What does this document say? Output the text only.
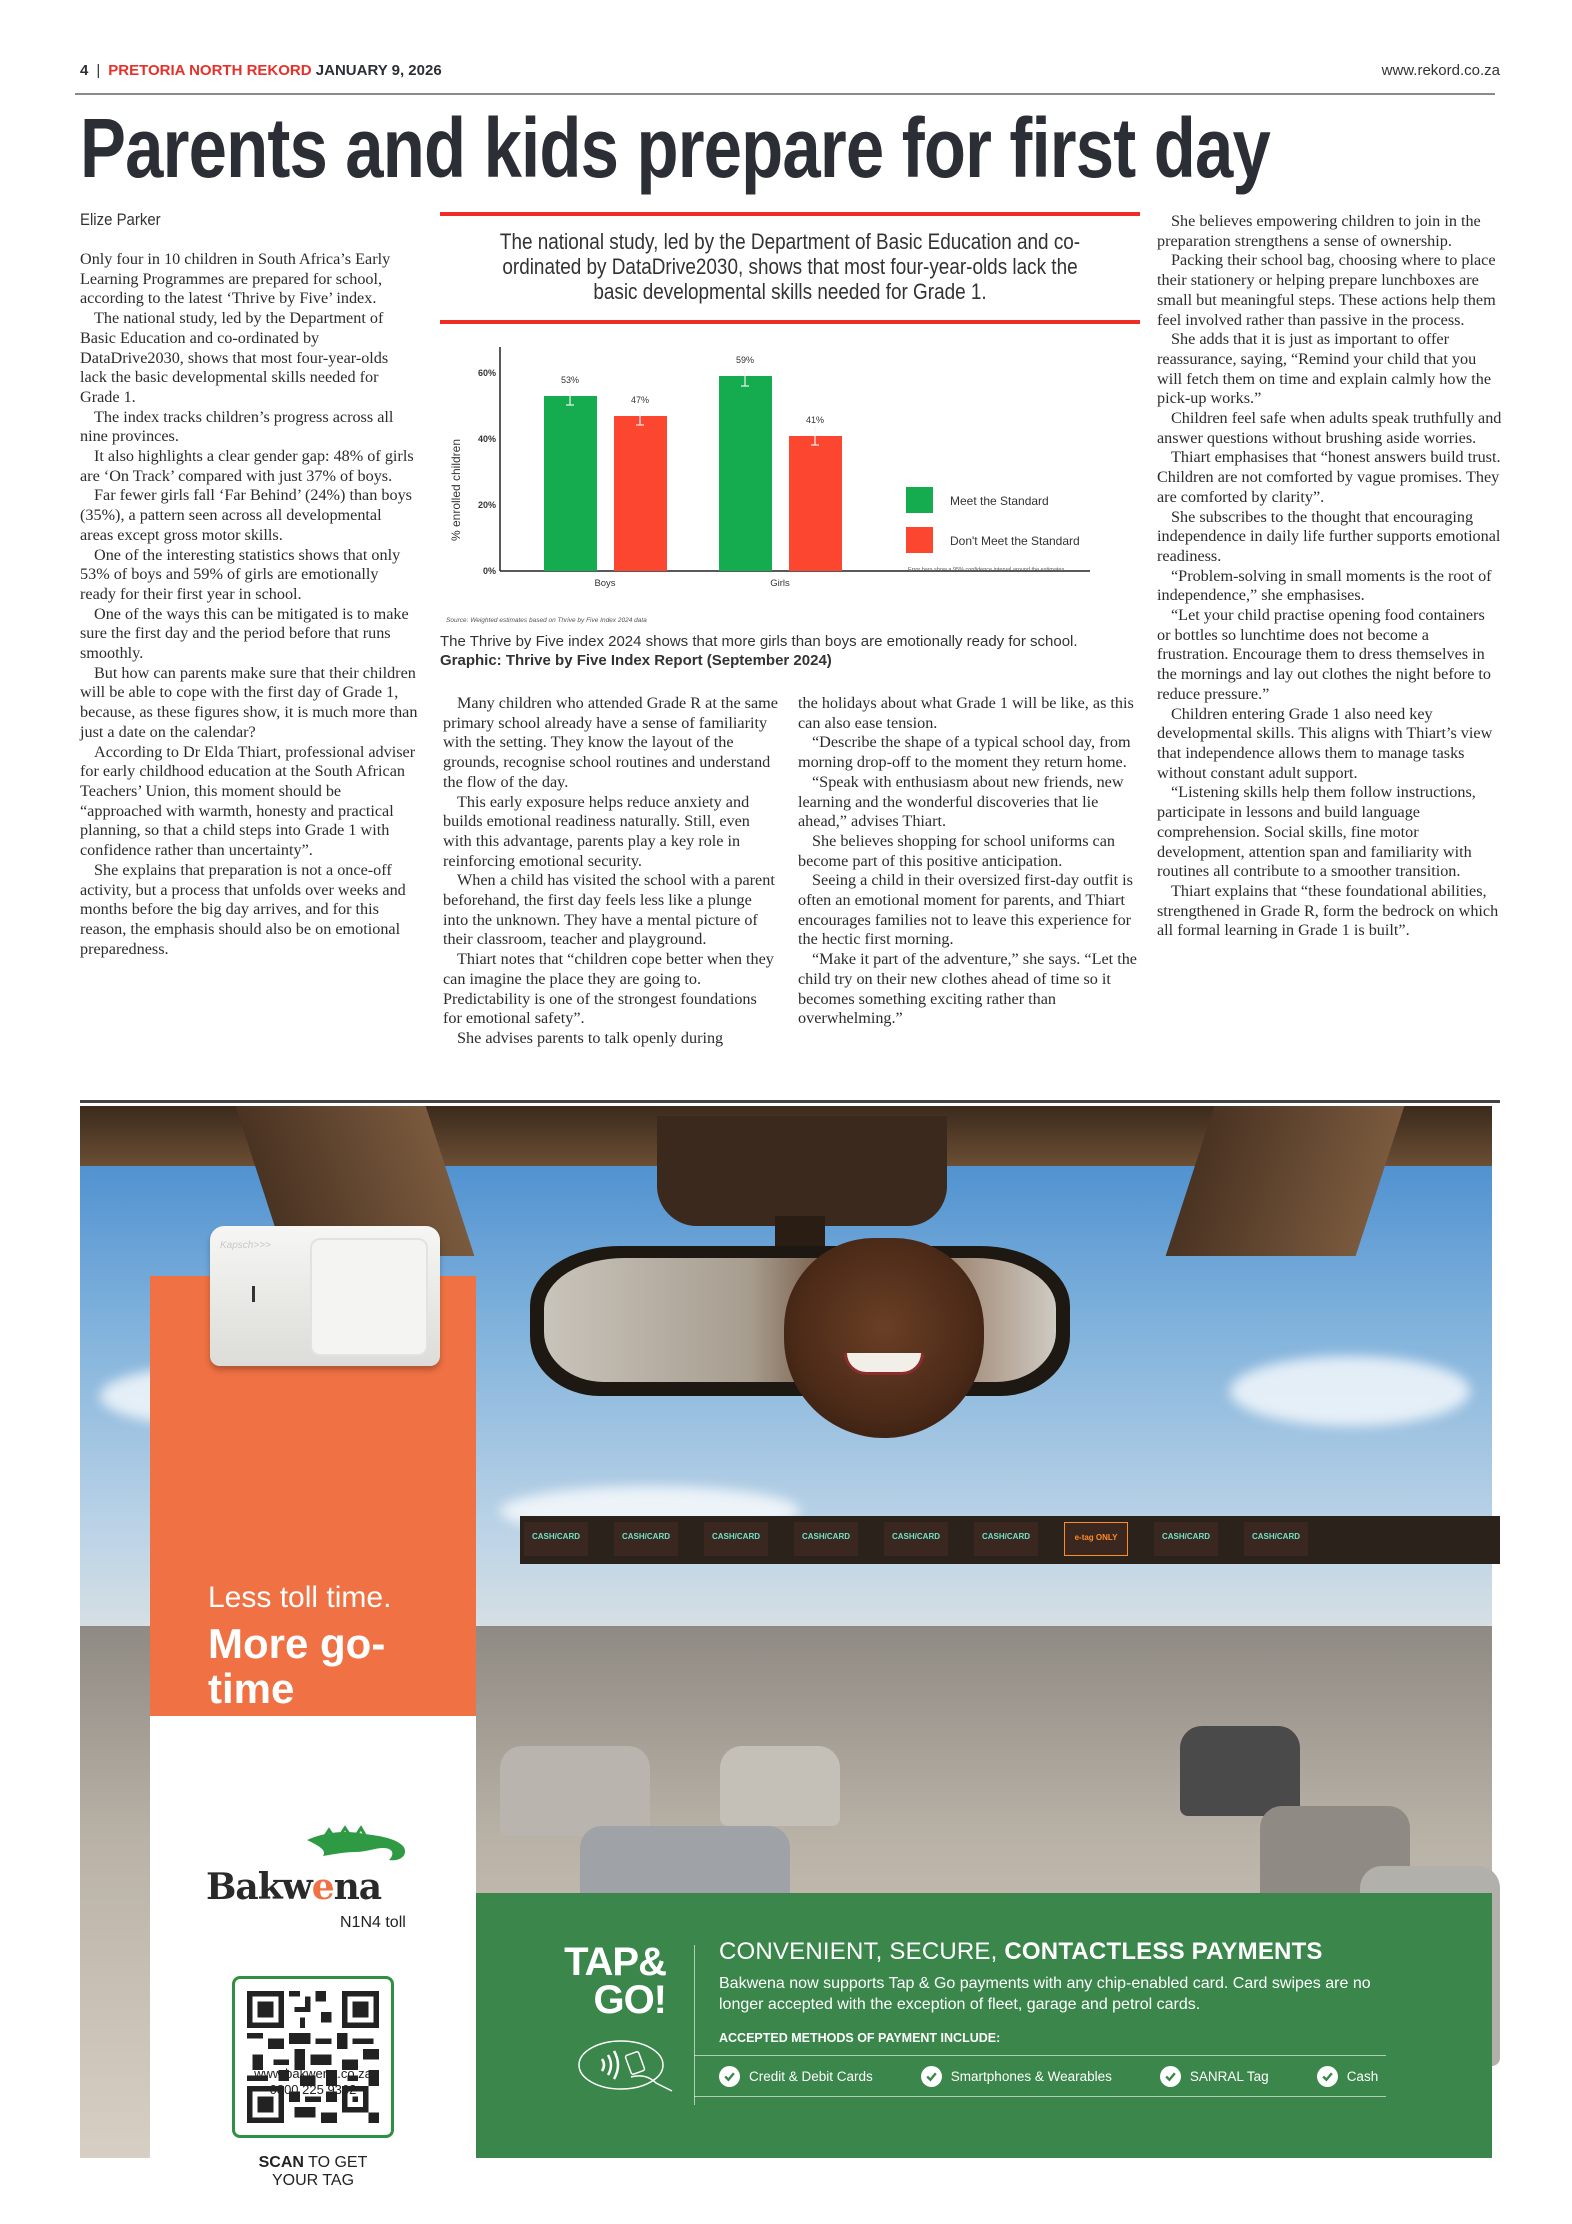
4 | PRETORIA NORTH REKORD JANUARY 9, 2026	www.rekord.co.za
Parents and kids prepare for first day
Elize Parker

Only four in 10 children in South Africa’s Early Learning Programmes are prepared for school, according to the latest ‘Thrive by Five’ index.

The national study, led by the Department of Basic Education and co-ordinated by DataDrive2030, shows that most four-year-olds lack the basic developmental skills needed for Grade 1.

The index tracks children’s progress across all nine provinces.

It also highlights a clear gender gap: 48% of girls are ‘On Track’ compared with just 37% of boys.

Far fewer girls fall ‘Far Behind’ (24%) than boys (35%), a pattern seen across all developmental areas except gross motor skills.

One of the interesting statistics shows that only 53% of boys and 59% of girls are emotionally ready for their first year in school.

One of the ways this can be mitigated is to make sure the first day and the period before that runs smoothly.

But how can parents make sure that their children will be able to cope with the first day of Grade 1, because, as these figures show, it is much more than just a date on the calendar?

According to Dr Elda Thiart, professional adviser for early childhood education at the South African Teachers’ Union, this moment should be “approached with warmth, honesty and practical planning, so that a child steps into Grade 1 with confidence rather than uncertainty”.

She explains that preparation is not a once-off activity, but a process that unfolds over weeks and months before the big day arrives, and for this reason, the emphasis should also be on emotional preparedness.

The national study, led by the Department of Basic Education and co-ordinated by DataDrive2030, shows that most four-year-olds lack the basic developmental skills needed for Grade 1.
% enrolled children
0%
20%
40%
60%
53%
47%
59%
41%
Boys	Girls
Meet the Standard
Don't Meet the Standard
Error bars show a 95% confidence interval around the estimates
Source: Weighted estimates based on Thrive by Five Index 2024 data
The Thrive by Five index 2024 shows that more girls than boys are emotionally ready for school. Graphic: Thrive by Five Index Report (September 2024)

Many children who attended Grade R at the same primary school already have a sense of familiarity with the setting. They know the layout of the grounds, recognise school routines and understand the flow of the day.

This early exposure helps reduce anxiety and builds emotional readiness naturally. Still, even with this advantage, parents play a key role in reinforcing emotional security.

When a child has visited the school with a parent beforehand, the first day feels less like a plunge into the unknown. They have a mental picture of their classroom, teacher and playground.

Thiart notes that “children cope better when they can imagine the place they are going to. Predictability is one of the strongest foundations for emotional safety”.

She advises parents to talk openly during

the holidays about what Grade 1 will be like, as this can also ease tension.

“Describe the shape of a typical school day, from morning drop-off to the moment they return home.

“Speak with enthusiasm about new friends, new learning and the wonderful discoveries that lie ahead,” advises Thiart.

She believes shopping for school uniforms can become part of this positive anticipation.

Seeing a child in their oversized first-day outfit is often an emotional moment for parents, and Thiart encourages families not to leave this experience for the hectic first morning.

“Make it part of the adventure,” she says. “Let the child try on their new clothes ahead of time so it becomes something exciting rather than overwhelming.”

She believes empowering children to join in the preparation strengthens a sense of ownership.

Packing their school bag, choosing where to place their stationery or helping prepare lunchboxes are small but meaningful steps. These actions help them feel involved rather than passive in the process.

She adds that it is just as important to offer reassurance, saying, “Remind your child that you will fetch them on time and explain calmly how the pick-up works.”

Children feel safe when adults speak truthfully and answer questions without brushing aside worries.

Thiart emphasises that “honest answers build trust. Children are not comforted by vague promises. They are comforted by clarity”.

She subscribes to the thought that encouraging independence in daily life further supports emotional readiness.

“Problem-solving in small moments is the root of independence,” she emphasises.

“Let your child practise opening food containers or bottles so lunchtime does not become a frustration. Encourage them to dress themselves in the mornings and lay out clothes the night before to reduce pressure.”

Children entering Grade 1 also need key developmental skills. This aligns with Thiart’s view that independence allows them to manage tasks without constant adult support.

“Listening skills help them follow instructions, participate in lessons and build language comprehension. Social skills, fine motor development, attention span and familiarity with routines all contribute to a smoother transition.

Thiart explains that “these foundational abilities, strengthened in Grade R, form the bedrock on which all formal learning in Grade 1 is built”.

CASH/CARD	CASH/CARD	CASH/CARD	CASH/CARD	CASH/CARD	CASH/CARD	e-tag ONLY	CASH/CARD	CASH/CARD
Less toll time.
More go-time
GET YOUR TAG.
SKIP THE WAIT.
Bakwena
N1N4 toll
SCAN TO GET
YOUR TAG
www.bakwena.co.za
0800 225 9362
TAP&
GO!
CONVENIENT, SECURE, CONTACTLESS PAYMENTS
Bakwena now supports Tap & Go payments with any chip-enabled card. Card swipes are no longer accepted with the exception of fleet, garage and petrol cards.
ACCEPTED METHODS OF PAYMENT INCLUDE:
Credit & Debit Cards	Smartphones & Wearables	SANRAL Tag	Cash
Kapsch>>>
